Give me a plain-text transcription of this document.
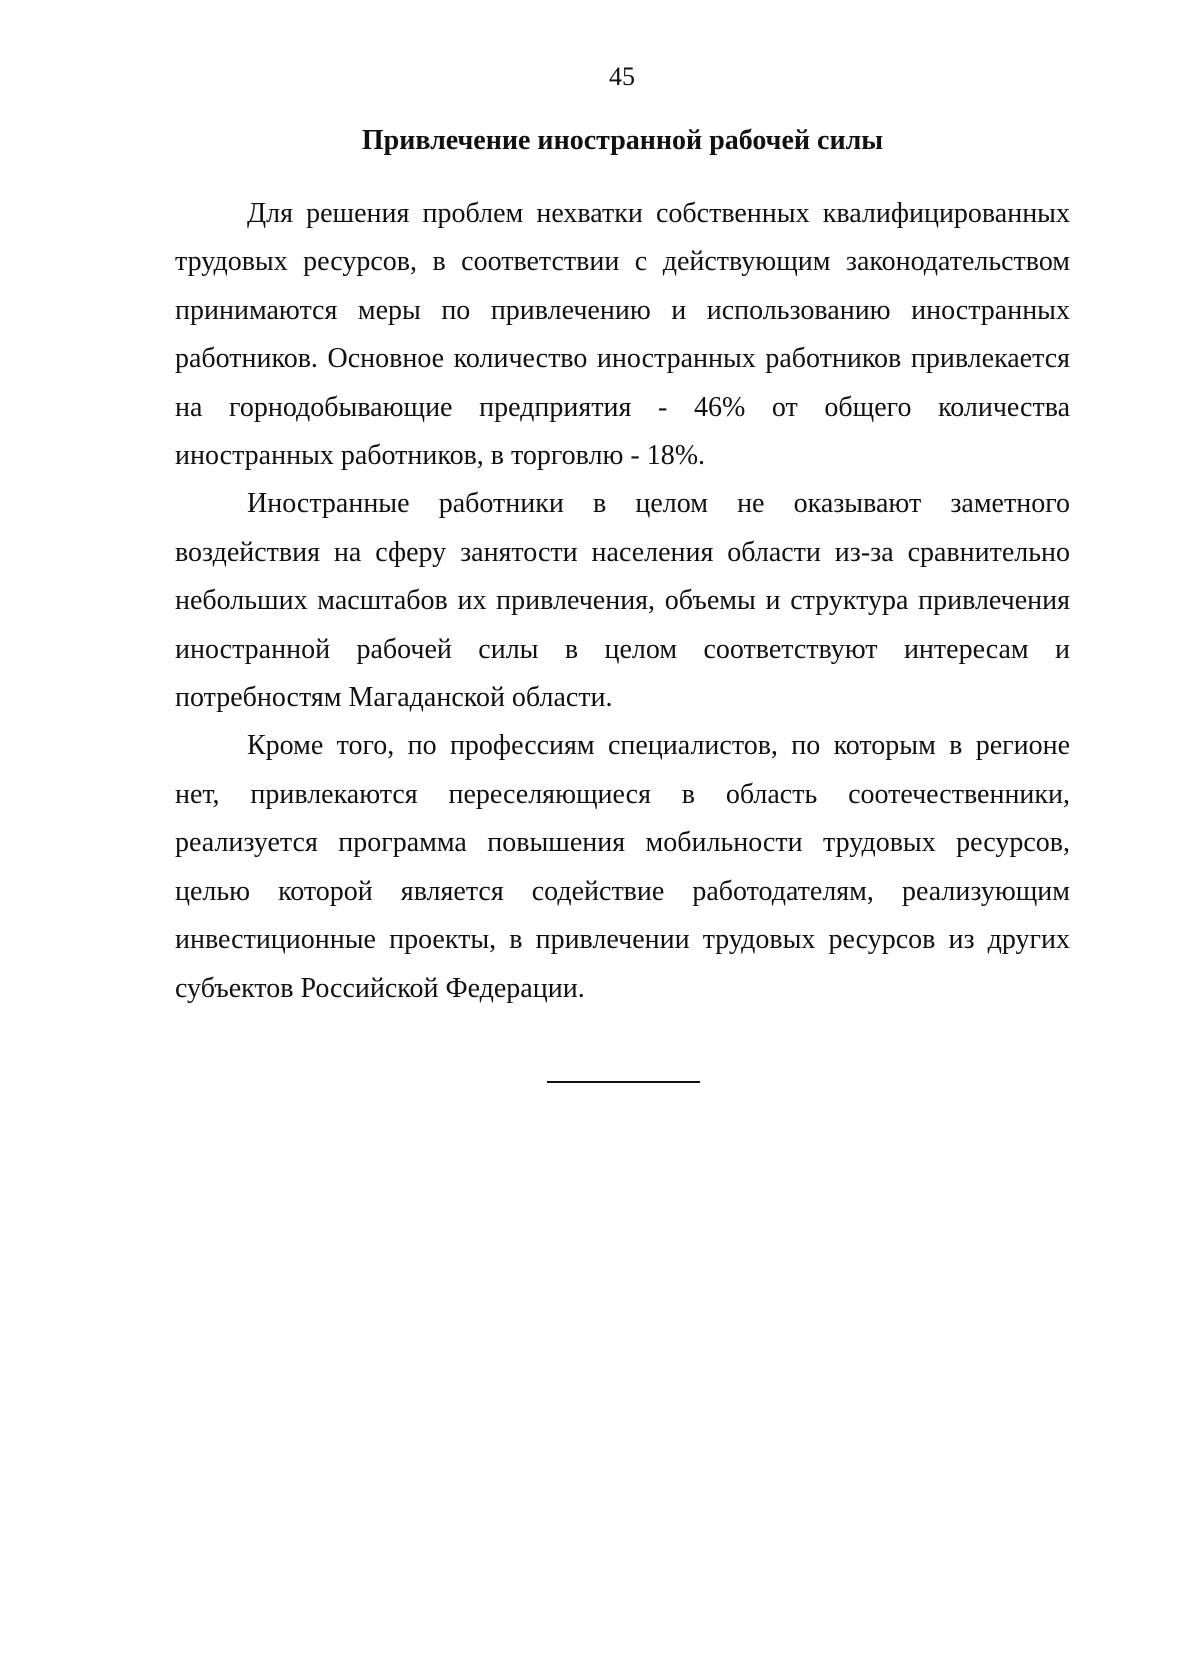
45
Привлечение иностранной рабочей силы

Для решения проблем нехватки собственных квалифицированных трудовых ресурсов, в соответствии с действующим законодательством принимаются меры по привлечению и использованию иностранных работников. Основное количество иностранных работников привлекается на горнодобывающие предприятия - 46% от общего количества иностранных работников, в торговлю - 18%.

Иностранные работники в целом не оказывают заметного воздействия на сферу занятости населения области из-за сравнительно небольших масштабов их привлечения, объемы и структура привлечения иностранной рабочей силы в целом соответствуют интересам и потребностям Магаданской области.

Кроме того, по профессиям специалистов, по которым в регионе нет, привлекаются переселяющиеся в область соотечественники, реализуется программа повышения мобильности трудовых ресурсов, целью которой является содействие работодателям, реализующим инвестиционные проекты, в привлечении трудовых ресурсов из других субъектов Российской Федерации.
